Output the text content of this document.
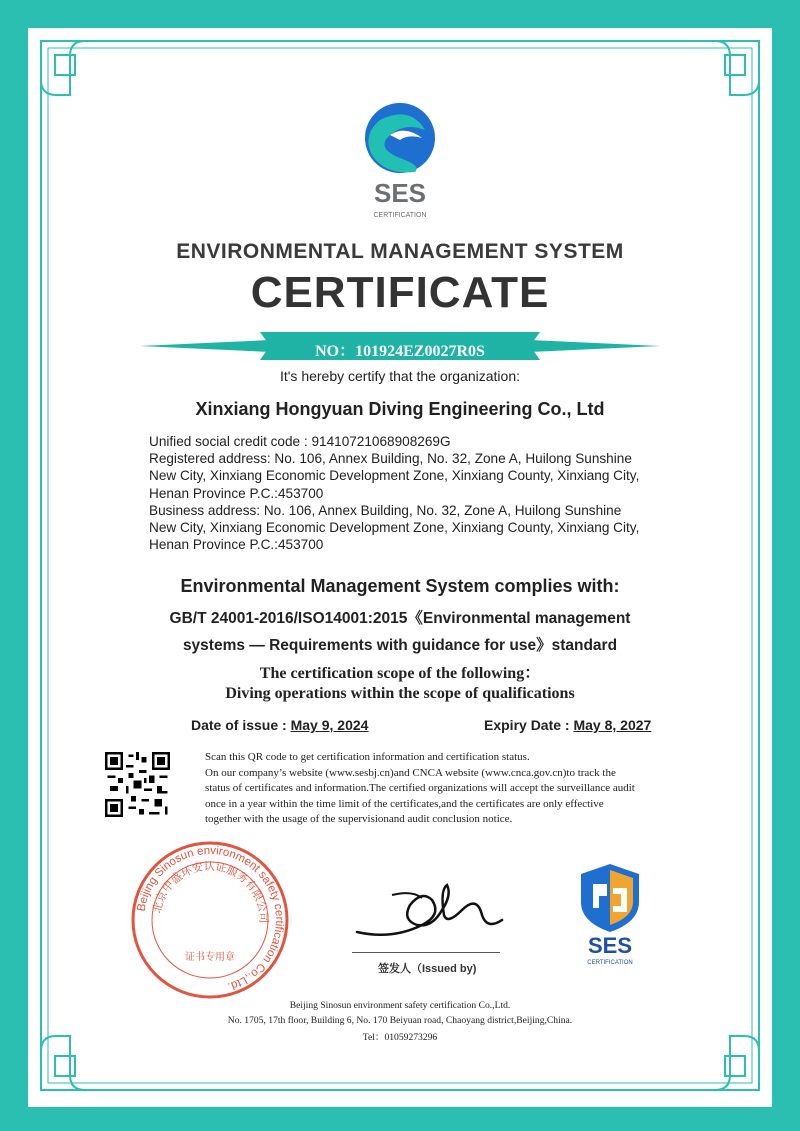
SES
CERTIFICATION
ENVIRONMENTAL MANAGEMENT SYSTEM
CERTIFICATE
NO：101924EZ0027R0S
It's hereby certify that the organization:
Xinxiang Hongyuan Diving Engineering Co., Ltd
Unified social credit code : 91410721068908269G
Registered address: No. 106, Annex Building, No. 32, Zone A, Huilong Sunshine
New City, Xinxiang Economic Development Zone, Xinxiang County, Xinxiang City,
Henan Province P.C.:453700
Business address: No. 106, Annex Building, No. 32, Zone A, Huilong Sunshine
New City, Xinxiang Economic Development Zone, Xinxiang County, Xinxiang City,
Henan Province P.C.:453700
Environmental Management System complies with:
GB/T 24001-2016/ISO14001:2015《Environmental management
systems — Requirements with guidance for use》standard
The certification scope of the following：
Diving operations within the scope of qualifications
Date of issue : May 9, 2024	Expiry Date : May 8, 2027
Scan this QR code to get certification information and certification status.
On our company’s website (www.sesbj.cn)and CNCA website (www.cnca.gov.cn)to track the
status of certificates and information.The certified organizations will accept the surveillance audit
once in a year within the time limit of the certificates,and the certificates are only effective
together with the usage of the supervisionand audit conclusion notice.
Beijing Sinosun environment safety certification Co.,Ltd.
北京中盛环安认证服务有限公司
证书专用章
签发人（Issued by)
SES
CERTIFICATION
Beijing Sinosun environment safety certification Co.,Ltd.
No. 1705, 17th floor, Building 6, No. 170 Beiyuan road, Chaoyang district,Beijing,China.
Tel：01059273296
